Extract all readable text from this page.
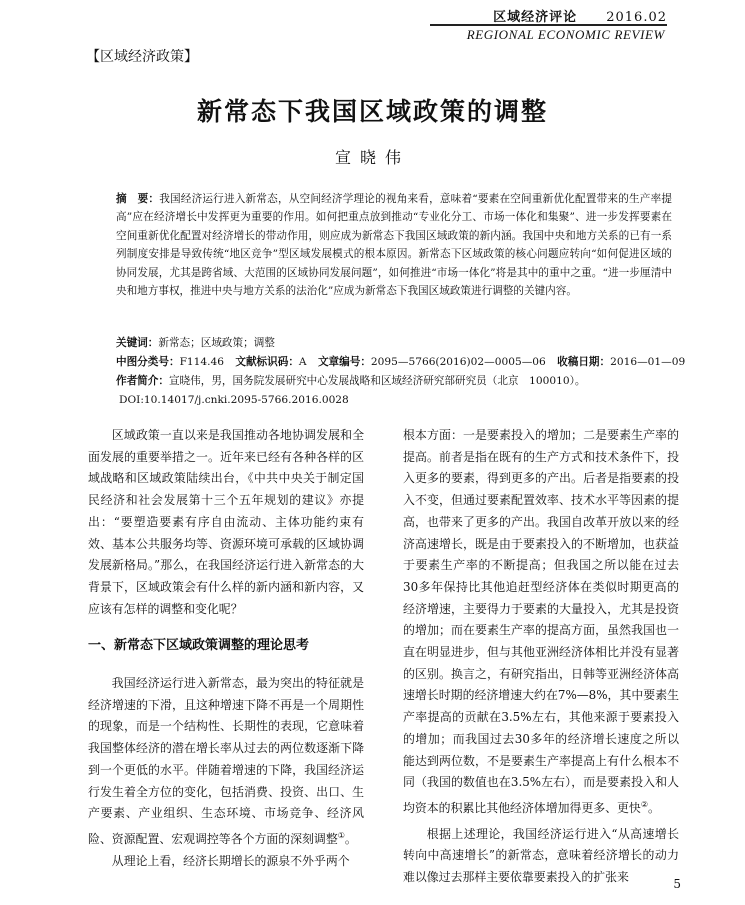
区域经济评论 2016.02
REGIONAL ECONOMIC REVIEW
【区域经济政策】
新常态下我国区域政策的调整
宣晓伟
摘　要：我国经济运行进入新常态，从空间经济学理论的视角来看，意味着“要素在空间重新优化配置带来的生产率提高”应在经济增长中发挥更为重要的作用。如何把重点放到推动“专业化分工、市场一体化和集聚”、进一步发挥要素在空间重新优化配置对经济增长的带动作用，则应成为新常态下我国区域政策的新内涵。我国中央和地方关系的已有一系列制度安排是导致传统“地区竞争”型区域发展模式的根本原因。新常态下区域政策的核心问题应转向“如何促进区域的协同发展，尤其是跨省域、大范围的区域协同发展问题”，如何推进“市场一体化”将是其中的重中之重。“进一步厘清中央和地方事权，推进中央与地方关系的法治化”应成为新常态下我国区域政策进行调整的关键内容。
关键词：新常态；区域政策；调整
中图分类号：F114.46 文献标识码：A 文章编号：2095—5766(2016)02—0005—06 收稿日期：2016—01—09
作者简介：宣晓伟，男，国务院发展研究中心发展战略和区域经济研究部研究员（北京　100010）。
DOI:10.14017/j.cnki.2095-5766.2016.0028

区域政策一直以来是我国推动各地协调发展和全面发展的重要举措之一。近年来已经有各种各样的区域战略和区域政策陆续出台，《中共中央关于制定国民经济和社会发展第十三个五年规划的建议》亦提出：“要塑造要素有序自由流动、主体功能约束有效、基本公共服务均等、资源环境可承载的区域协调发展新格局。”那么，在我国经济运行进入新常态的大背景下，区域政策会有什么样的新内涵和新内容，又应该有怎样的调整和变化呢？

一、新常态下区域政策调整的理论思考

我国经济运行进入新常态，最为突出的特征就是经济增速的下滑，且这种增速下降不再是一个周期性的现象，而是一个结构性、长期性的表现，它意味着我国整体经济的潜在增长率从过去的两位数逐渐下降到一个更低的水平。伴随着增速的下降，我国经济运行发生着全方位的变化，包括消费、投资、出口、生产要素、产业组织、生态环境、市场竞争、经济风险、资源配置、宏观调控等各个方面的深刻调整①。

从理论上看，经济长期增长的源泉不外乎两个

根本方面：一是要素投入的增加；二是要素生产率的提高。前者是指在既有的生产方式和技术条件下，投入更多的要素，得到更多的产出。后者是指要素的投入不变，但通过要素配置效率、技术水平等因素的提高，也带来了更多的产出。我国自改革开放以来的经济高速增长，既是由于要素投入的不断增加，也获益于要素生产率的不断提高；但我国之所以能在过去30多年保持比其他追赶型经济体在类似时期更高的经济增速，主要得力于要素的大量投入，尤其是投资的增加；而在要素生产率的提高方面，虽然我国也一直在明显进步，但与其他亚洲经济体相比并没有显著的区别。换言之，有研究指出，日韩等亚洲经济体高速增长时期的经济增速大约在7%—8%，其中要素生产率提高的贡献在3.5%左右，其他来源于要素投入的增加；而我国过去30多年的经济增长速度之所以能达到两位数，不是要素生产率提高上有什么根本不同（我国的数值也在3.5%左右），而是要素投入和人均资本的积累比其他经济体增加得更多、更快②。

根据上述理论，我国经济运行进入“从高速增长转向中高速增长”的新常态，意味着经济增长的动力难以像过去那样主要依靠要素投入的扩张来	5
